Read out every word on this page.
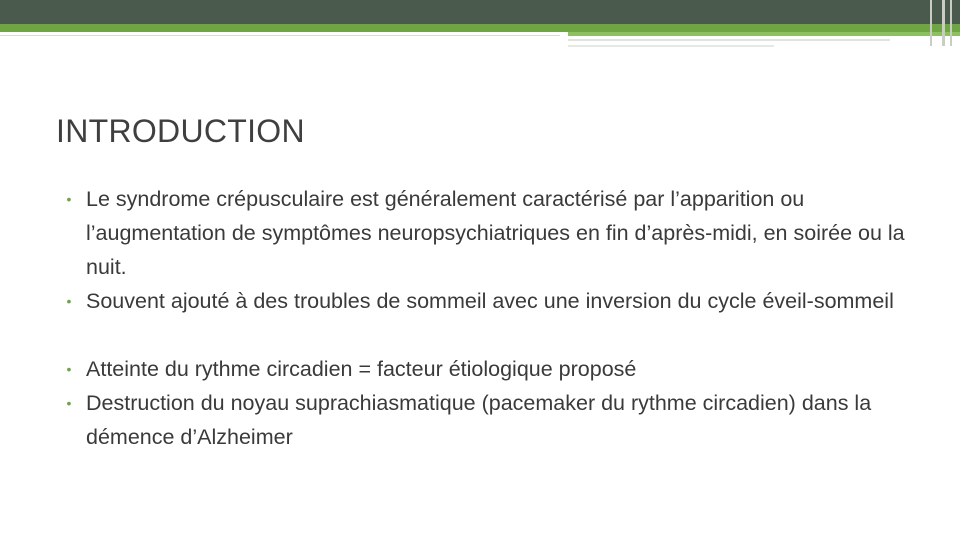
INTRODUCTION
• Le syndrome crépusculaire est généralement caractérisé par l’apparition ou l’augmentation de symptômes neuropsychiatriques en fin d’après-midi, en soirée ou la nuit.
• Souvent ajouté à des troubles de sommeil avec une inversion du cycle éveil-sommeil
• Atteinte du rythme circadien = facteur étiologique proposé
• Destruction du noyau suprachiasmatique (pacemaker du rythme circadien) dans la démence d’Alzheimer
